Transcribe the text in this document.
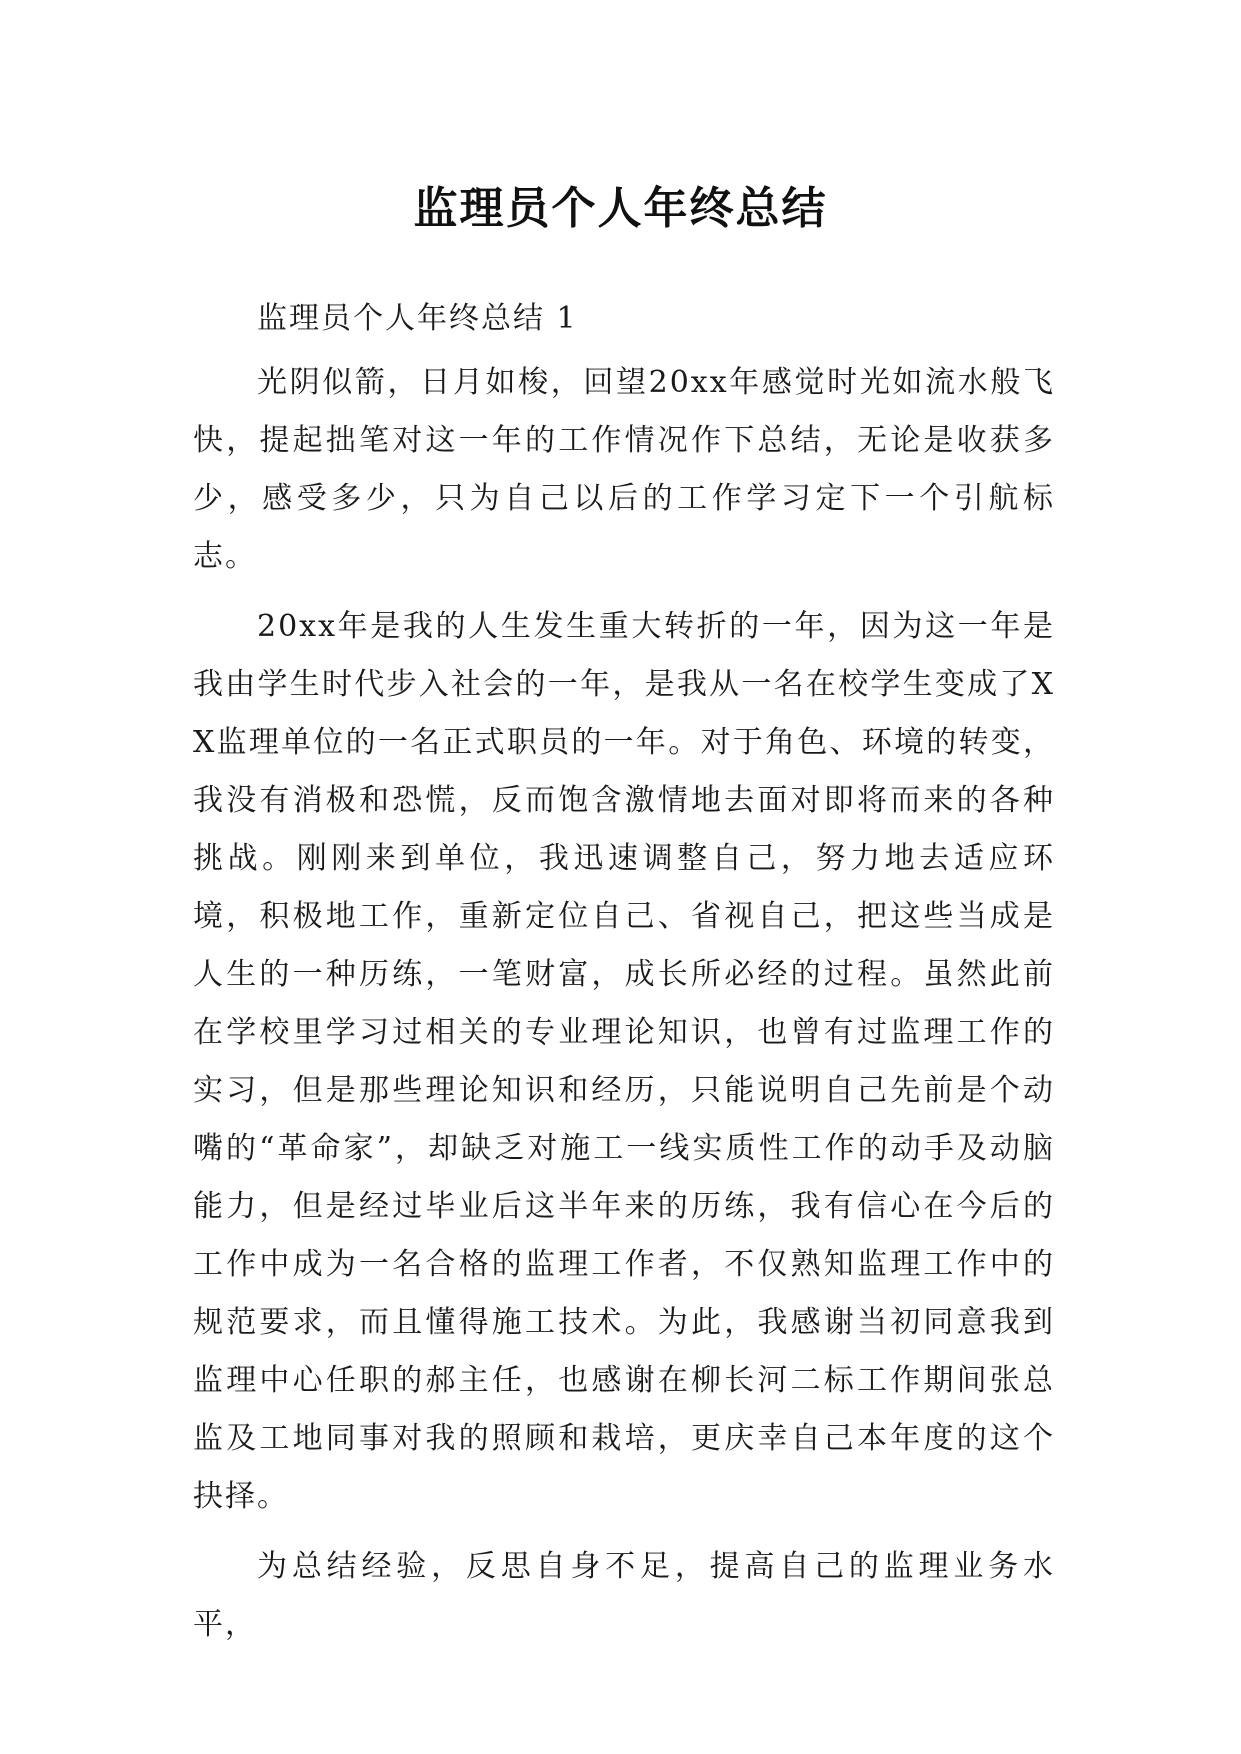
监理员个人年终总结

监理员个人年终总结 1

光阴似箭，日月如梭，回望20xx年感觉时光如流水般飞快，提起拙笔对这一年的工作情况作下总结，无论是收获多少，感受多少，只为自己以后的工作学习定下一个引航标志。

20xx年是我的人生发生重大转折的一年，因为这一年是我由学生时代步入社会的一年，是我从一名在校学生变成了XX监理单位的一名正式职员的一年。对于角色、环境的转变，我没有消极和恐慌，反而饱含激情地去面对即将而来的各种挑战。刚刚来到单位，我迅速调整自己，努力地去适应环境，积极地工作，重新定位自己、省视自己，把这些当成是人生的一种历练，一笔财富，成长所必经的过程。虽然此前在学校里学习过相关的专业理论知识，也曾有过监理工作的实习，但是那些理论知识和经历，只能说明自己先前是个动嘴的“革命家”，却缺乏对施工一线实质性工作的动手及动脑能力，但是经过毕业后这半年来的历练，我有信心在今后的工作中成为一名合格的监理工作者，不仅熟知监理工作中的规范要求，而且懂得施工技术。为此，我感谢当初同意我到监理中心任职的郝主任，也感谢在柳长河二标工作期间张总监及工地同事对我的照顾和栽培，更庆幸自己本年度的这个抉择。

为总结经验，反思自身不足，提高自己的监理业务水平，
